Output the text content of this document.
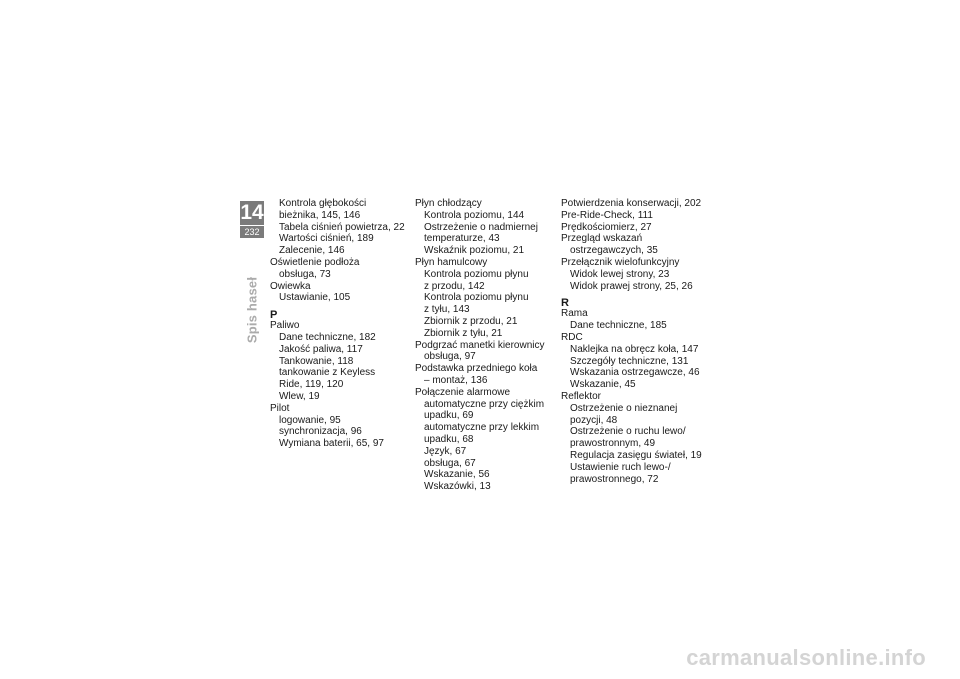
14
232
Spis haseł
Kontrola głębokości
bieżnika, 145, 146
Tabela ciśnień powietrza, 22
Wartości ciśnień, 189
Zalecenie, 146
Oświetlenie podłoża
obsługa, 73
Owiewka
Ustawianie, 105
P
Paliwo
Dane techniczne, 182
Jakość paliwa, 117
Tankowanie, 118
tankowanie z Keyless
Ride, 119, 120
Wlew, 19
Pilot
logowanie, 95
synchronizacja, 96
Wymiana baterii, 65, 97
Płyn chłodzący
Kontrola poziomu, 144
Ostrzeżenie o nadmiernej
temperaturze, 43
Wskaźnik poziomu, 21
Płyn hamulcowy
Kontrola poziomu płynu
z przodu, 142
Kontrola poziomu płynu
z tyłu, 143
Zbiornik z przodu, 21
Zbiornik z tyłu, 21
Podgrzać manetki kierownicy
obsługa, 97
Podstawka przedniego koła
– montaż, 136
Połączenie alarmowe
automatyczne przy ciężkim
upadku, 69
automatyczne przy lekkim
upadku, 68
Język, 67
obsługa, 67
Wskazanie, 56
Wskazówki, 13
Potwierdzenia konserwacji, 202
Pre-Ride-Check, 111
Prędkościomierz, 27
Przegląd wskazań
ostrzegawczych, 35
Przełącznik wielofunkcyjny
Widok lewej strony, 23
Widok prawej strony, 25, 26
R
Rama
Dane techniczne, 185
RDC
Naklejka na obręcz koła, 147
Szczegóły techniczne, 131
Wskazania ostrzegawcze, 46
Wskazanie, 45
Reflektor
Ostrzeżenie o nieznanej
pozycji, 48
Ostrzeżenie o ruchu lewo/
prawostronnym, 49
Regulacja zasięgu świateł, 19
Ustawienie ruch lewo-/
prawostronnego, 72
carmanualsonline.info
